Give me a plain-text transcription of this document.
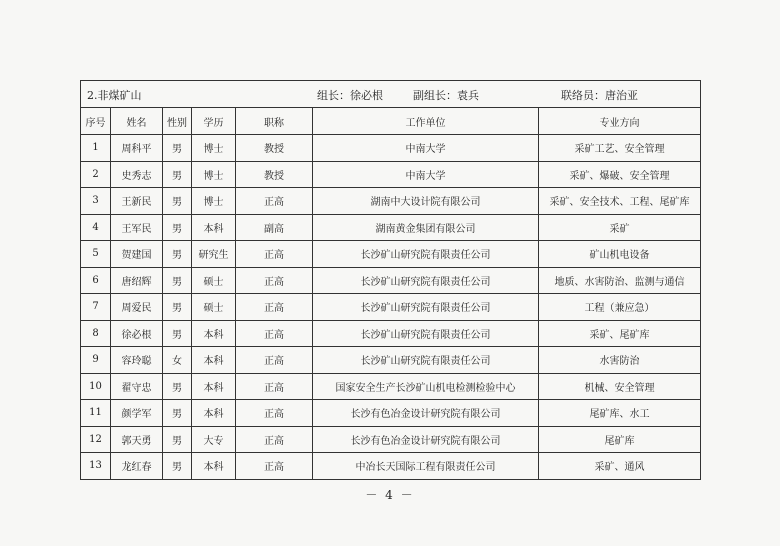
2.非煤矿山 组长：徐必根 副组长：袁兵 联络员：唐治亚						

序号	姓名	性别	学历	职称	工作单位	专业方向
1	周科平	男	博士	教授	中南大学	采矿工艺、安全管理
2	史秀志	男	博士	教授	中南大学	采矿、爆破、安全管理
3	王新民	男	博士	正高	湖南中大设计院有限公司	采矿、安全技术、工程、尾矿库
4	王军民	男	本科	副高	湖南黄金集团有限公司	采矿
5	贺建国	男	研究生	正高	长沙矿山研究院有限责任公司	矿山机电设备
6	唐绍辉	男	硕士	正高	长沙矿山研究院有限责任公司	地质、水害防治、监测与通信
7	周爱民	男	硕士	正高	长沙矿山研究院有限责任公司	工程（兼应急）
8	徐必根	男	本科	正高	长沙矿山研究院有限责任公司	采矿、尾矿库
9	容玲聪	女	本科	正高	长沙矿山研究院有限责任公司	水害防治
10	翟守忠	男	本科	正高	国家安全生产长沙矿山机电检测检验中心	机械、安全管理
11	颜学军	男	本科	正高	长沙有色冶金设计研究院有限公司	尾矿库、水工
12	郭天勇	男	大专	正高	长沙有色冶金设计研究院有限公司	尾矿库
13	龙红春	男	本科	正高	中冶长天国际工程有限责任公司	采矿、通风
－ 4 －
